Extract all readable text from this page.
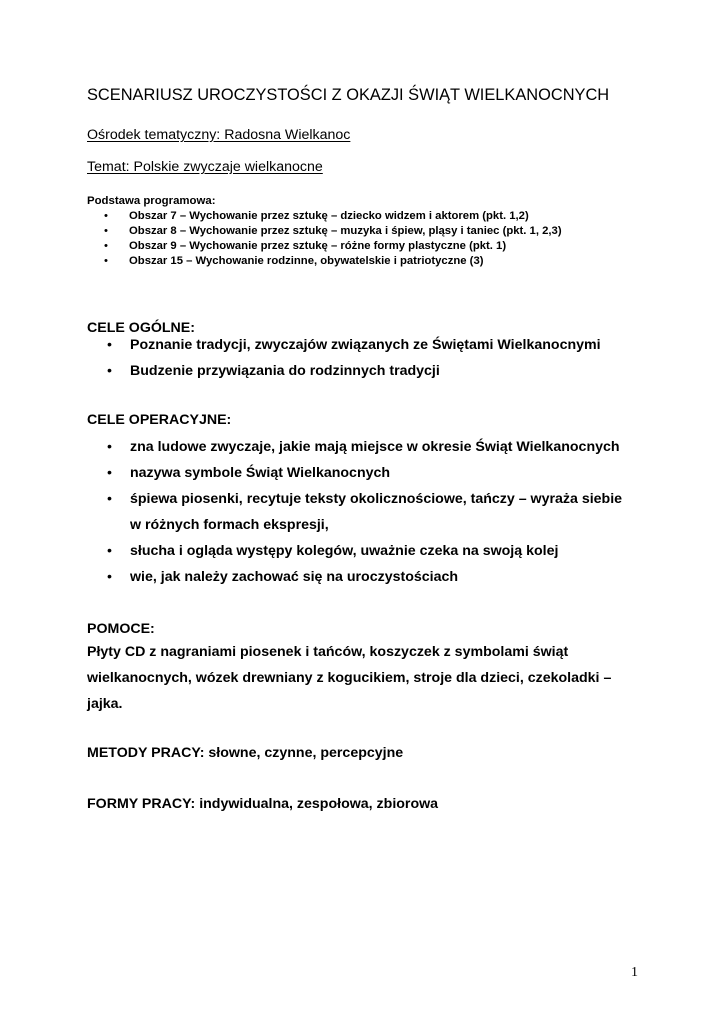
SCENARIUSZ UROCZYSTOŚCI Z OKAZJI ŚWIĄT WIELKANOCNYCH
Ośrodek tematyczny: Radosna Wielkanoc
Temat: Polskie zwyczaje wielkanocne
Podstawa programowa:
• Obszar 7 – Wychowanie przez sztukę – dziecko widzem i aktorem (pkt. 1,2)
• Obszar 8 – Wychowanie przez sztukę – muzyka i śpiew, pląsy i taniec (pkt. 1, 2,3)
• Obszar 9 – Wychowanie przez sztukę – różne formy plastyczne (pkt. 1)
• Obszar 15 – Wychowanie rodzinne, obywatelskie i patriotyczne (3)
CELE OGÓLNE:
• Poznanie tradycji, zwyczajów związanych ze Świętami Wielkanocnymi
• Budzenie przywiązania do rodzinnych tradycji
CELE OPERACYJNE:
• zna ludowe zwyczaje, jakie mają miejsce w okresie Świąt Wielkanocnych
• nazywa symbole Świąt Wielkanocnych
• śpiewa piosenki, recytuje teksty okolicznościowe, tańczy – wyraża siebie
w różnych formach ekspresji,
• słucha i ogląda występy kolegów, uważnie czeka na swoją kolej
• wie, jak należy zachować się na uroczystościach
POMOCE:
Płyty CD z nagraniami piosenek i tańców, koszyczek z symbolami świąt
wielkanocnych, wózek drewniany z kogucikiem, stroje dla dzieci, czekoladki –
jajka.
METODY PRACY: słowne, czynne, percepcyjne
FORMY PRACY: indywidualna, zespołowa, zbiorowa
1
